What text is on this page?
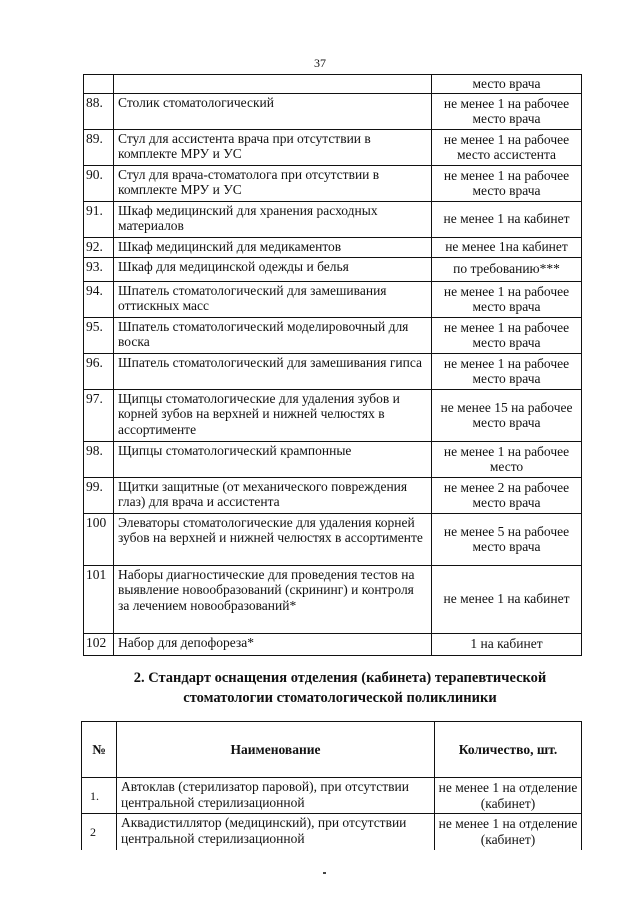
37
		место врача
88.	Столик стоматологический	не менее 1 на рабочее место врача
89.	Стул для ассистента врача при отсутствии в комплекте МРУ и УС	не менее 1 на рабочее место ассистента
90.	Стул для врача-стоматолога при отсутствии в комплекте МРУ и УС	не менее 1 на рабочее место врача
91.	Шкаф медицинский для хранения расходных материалов	не менее 1 на кабинет
92.	Шкаф медицинский для медикаментов	не менее 1на кабинет
93.	Шкаф для медицинской одежды и белья	по требованию***
94.	Шпатель стоматологический для замешивания оттискных масс	не менее 1 на рабочее место врача
95.	Шпатель стоматологический моделировочный для воска	не менее 1 на рабочее место врача
96.	Шпатель стоматологический для замешивания гипса	не менее 1 на рабочее место врача
97.	Щипцы стоматологические для удаления зубов и корней зубов на верхней и нижней челюстях в ассортименте	не менее 15 на рабочее место врача
98.	Щипцы стоматологический крампонные	не менее 1 на рабочее место
99.	Щитки защитные (от механического повреждения глаз) для врача и ассистента	не менее 2 на рабочее место врача
100	Элеваторы стоматологические для удаления корней зубов на верхней и нижней челюстях в ассортименте	не менее 5 на рабочее место врача
101	Наборы диагностические для проведения тестов на выявление новообразований (скрининг) и контроля за лечением новообразований*	не менее 1 на кабинет
102	Набор для депофореза*	1 на кабинет
2. Стандарт оснащения отделения (кабинета) терапевтической стоматологии стоматологической поликлиники
№	Наименование	Количество, шт.
1.	Автоклав (стерилизатор паровой), при отсутствии центральной стерилизационной	не менее 1 на отделение (кабинет)
2	Аквадистиллятор (медицинский), при отсутствии центральной стерилизационной	не менее 1 на отделение (кабинет)
